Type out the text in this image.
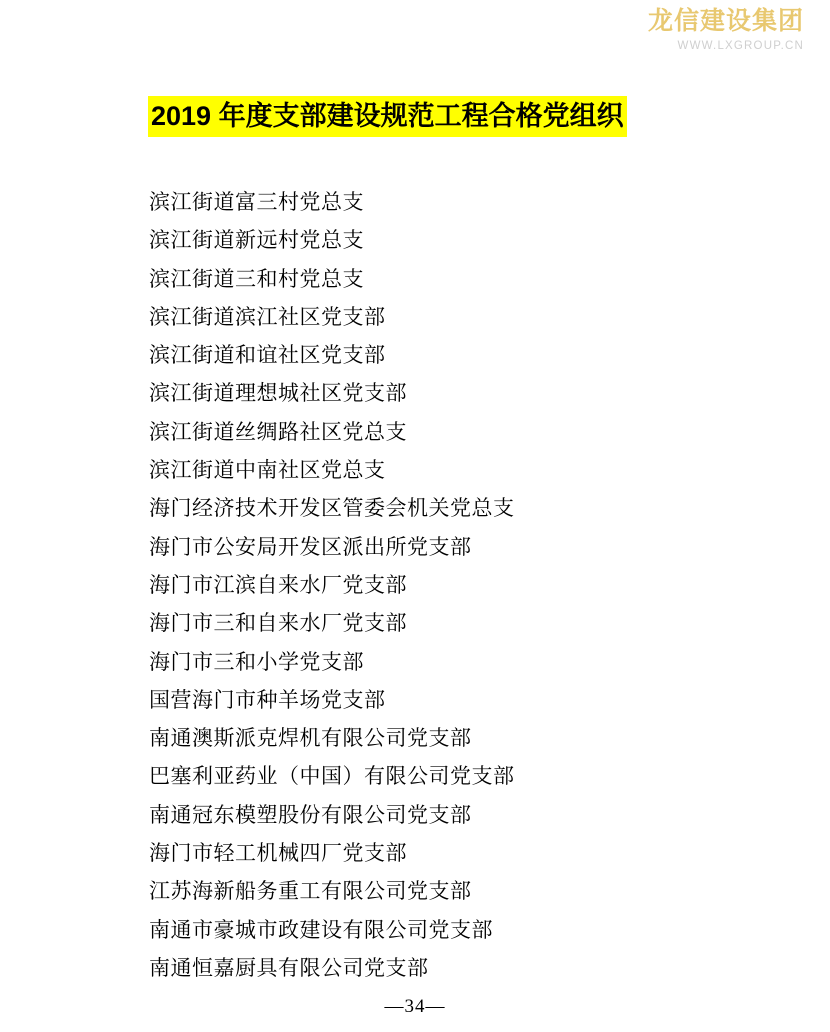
龙信建设集团
WWW.LXGROUP.CN
2019 年度支部建设规范工程合格党组织
滨江街道富三村党总支
滨江街道新远村党总支
滨江街道三和村党总支
滨江街道滨江社区党支部
滨江街道和谊社区党支部
滨江街道理想城社区党支部
滨江街道丝绸路社区党总支
滨江街道中南社区党总支
海门经济技术开发区管委会机关党总支
海门市公安局开发区派出所党支部
海门市江滨自来水厂党支部
海门市三和自来水厂党支部
海门市三和小学党支部
国营海门市种羊场党支部
南通澳斯派克焊机有限公司党支部
巴塞利亚药业（中国）有限公司党支部
南通冠东模塑股份有限公司党支部
海门市轻工机械四厂党支部
江苏海新船务重工有限公司党支部
南通市豪城市政建设有限公司党支部
南通恒嘉厨具有限公司党支部
—34—
